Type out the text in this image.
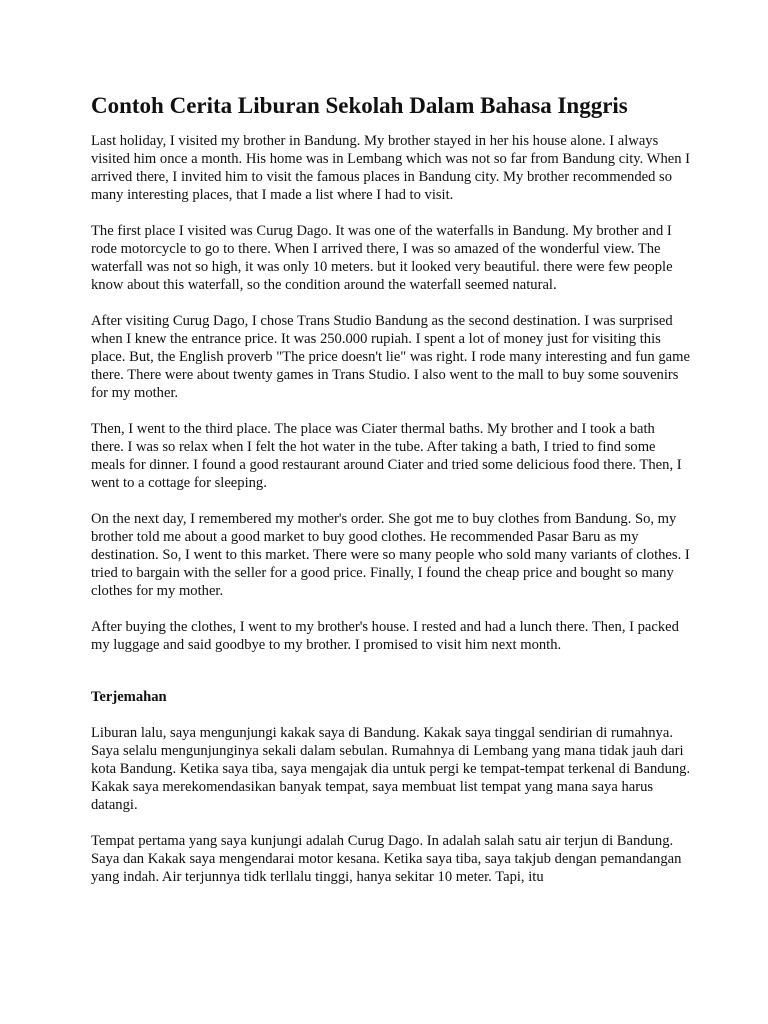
Contoh Cerita Liburan Sekolah Dalam Bahasa Inggris

Last holiday, I visited my brother in Bandung. My brother stayed in her his house alone. I always visited him once a month. His home was in Lembang which was not so far from Bandung city. When I arrived there, I invited him to visit the famous places in Bandung city. My brother recommended so many interesting places, that I made a list where I had to visit.

The first place I visited was Curug Dago. It was one of the waterfalls in Bandung. My brother and I rode motorcycle to go to there. When I arrived there, I was so amazed of the wonderful view. The waterfall was not so high, it was only 10 meters. but it looked very beautiful. there were few people know about this waterfall, so the condition around the waterfall seemed natural.

After visiting Curug Dago, I chose Trans Studio Bandung as the second destination. I was surprised when I knew the entrance price. It was 250.000 rupiah. I spent a lot of money just for visiting this place. But, the English proverb "The price doesn't lie" was right. I rode many interesting and fun game there. There were about twenty games in Trans Studio. I also went to the mall to buy some souvenirs for my mother.

Then, I went to the third place. The place was Ciater thermal baths. My brother and I took a bath there. I was so relax when I felt the hot water in the tube. After taking a bath, I tried to find some meals for dinner. I found a good restaurant around Ciater and tried some delicious food there. Then, I went to a cottage for sleeping.

On the next day, I remembered my mother's order. She got me to buy clothes from Bandung. So, my brother told me about a good market to buy good clothes. He recommended Pasar Baru as my destination. So, I went to this market. There were so many people who sold many variants of clothes. I tried to bargain with the seller for a good price. Finally, I found the cheap price and bought so many clothes for my mother.

After buying the clothes, I went to my brother's house. I rested and had a lunch there. Then, I packed my luggage and said goodbye to my brother. I promised to visit him next month.

Terjemahan

Liburan lalu, saya mengunjungi kakak saya di Bandung. Kakak saya tinggal sendirian di rumahnya. Saya selalu mengunjunginya sekali dalam sebulan. Rumahnya di Lembang yang mana tidak jauh dari kota Bandung. Ketika saya tiba, saya mengajak dia untuk pergi ke tempat-tempat terkenal di Bandung. Kakak saya merekomendasikan banyak tempat, saya membuat list tempat yang mana saya harus datangi.

Tempat pertama yang saya kunjungi adalah Curug Dago. In adalah salah satu air terjun di Bandung. Saya dan Kakak saya mengendarai motor kesana. Ketika saya tiba, saya takjub dengan pemandangan yang indah. Air terjunnya tidk terllalu tinggi, hanya sekitar 10 meter. Tapi, itu
